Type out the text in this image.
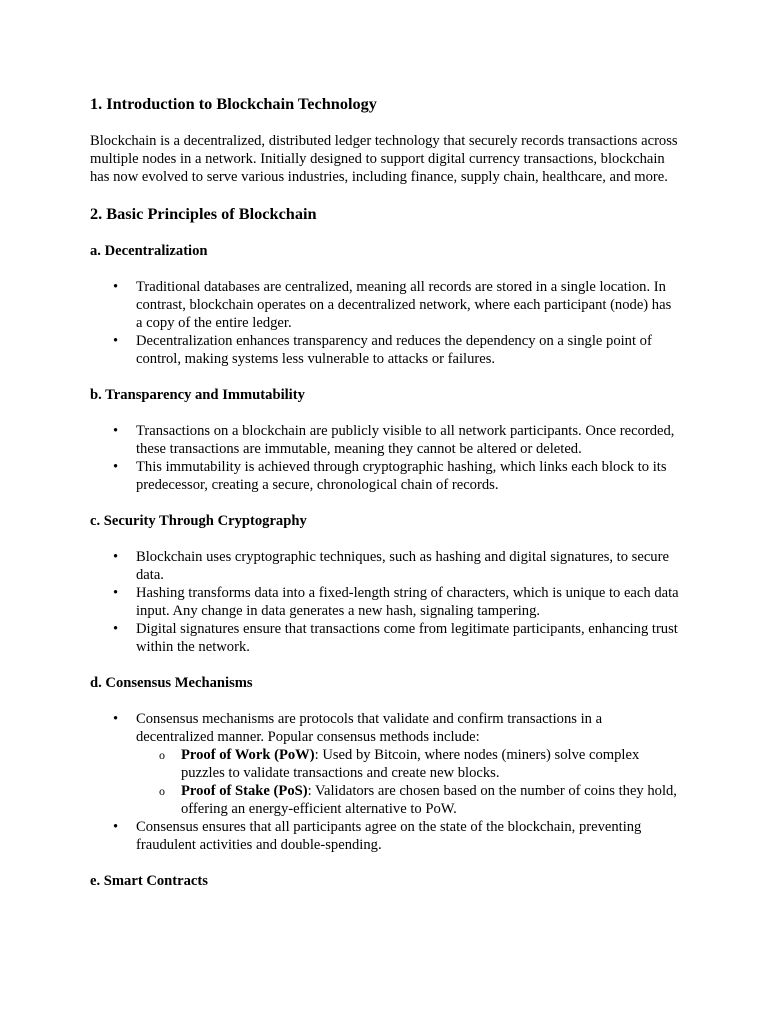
1. Introduction to Blockchain Technology

Blockchain is a decentralized, distributed ledger technology that securely records transactions across multiple nodes in a network. Initially designed to support digital currency transactions, blockchain has now evolved to serve various industries, including finance, supply chain, healthcare, and more.

2. Basic Principles of Blockchain
a. Decentralization
• Traditional databases are centralized, meaning all records are stored in a single location. In contrast, blockchain operates on a decentralized network, where each participant (node) has a copy of the entire ledger.
• Decentralization enhances transparency and reduces the dependency on a single point of control, making systems less vulnerable to attacks or failures.
b. Transparency and Immutability
• Transactions on a blockchain are publicly visible to all network participants. Once recorded, these transactions are immutable, meaning they cannot be altered or deleted.
• This immutability is achieved through cryptographic hashing, which links each block to its predecessor, creating a secure, chronological chain of records.
c. Security Through Cryptography
• Blockchain uses cryptographic techniques, such as hashing and digital signatures, to secure data.
• Hashing transforms data into a fixed-length string of characters, which is unique to each data input. Any change in data generates a new hash, signaling tampering.
• Digital signatures ensure that transactions come from legitimate participants, enhancing trust within the network.
d. Consensus Mechanisms
• Consensus mechanisms are protocols that validate and confirm transactions in a decentralized manner. Popular consensus methods include:
o Proof of Work (PoW): Used by Bitcoin, where nodes (miners) solve complex puzzles to validate transactions and create new blocks.
o Proof of Stake (PoS): Validators are chosen based on the number of coins they hold, offering an energy-efficient alternative to PoW.
• Consensus ensures that all participants agree on the state of the blockchain, preventing fraudulent activities and double-spending.
e. Smart Contracts
